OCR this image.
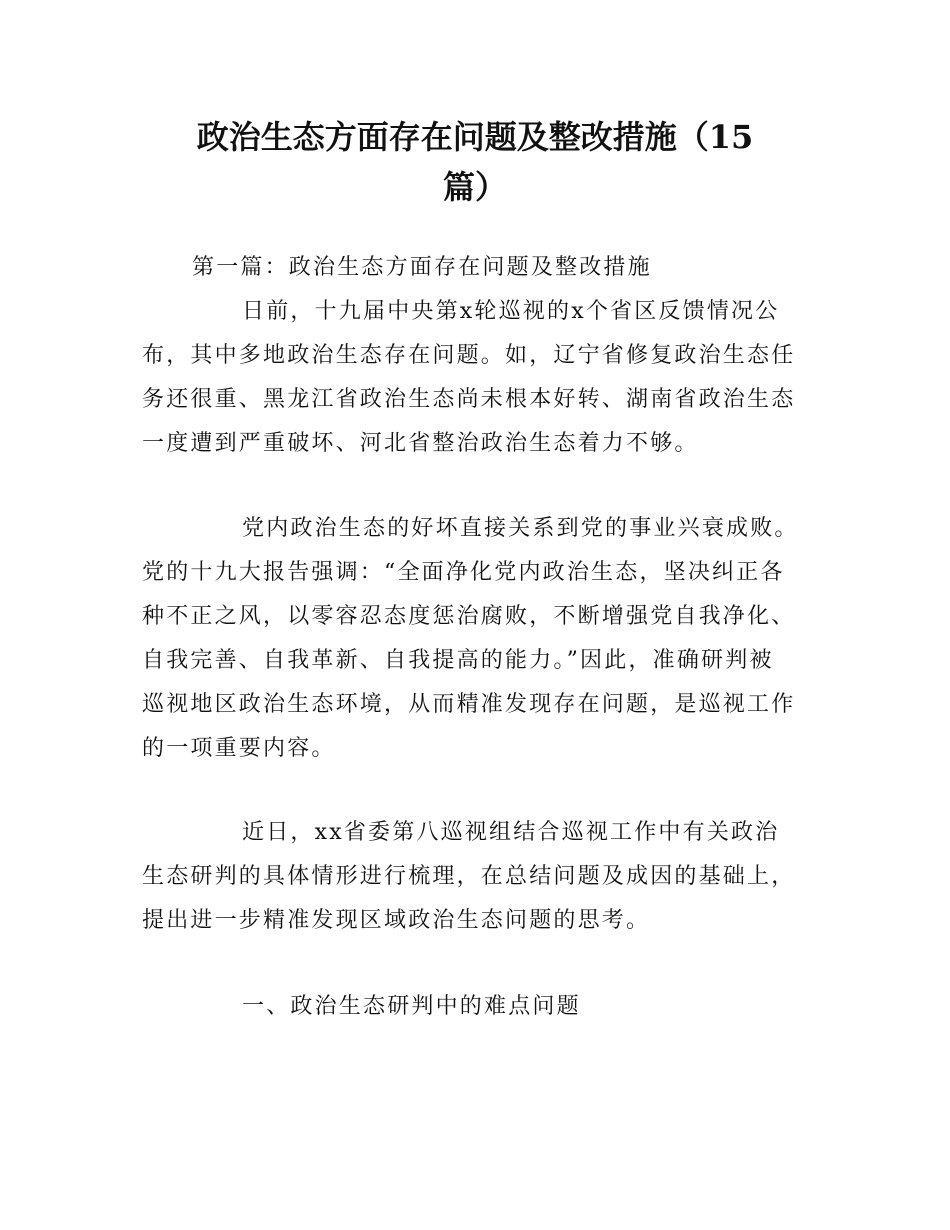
政治生态方面存在问题及整改措施（15
篇）
第一篇：政治生态方面存在问题及整改措施
日前，十九届中央第x轮巡视的x个省区反馈情况公
布，其中多地政治生态存在问题。如，辽宁省修复政治生态任
务还很重、黑龙江省政治生态尚未根本好转、湖南省政治生态
一度遭到严重破坏、河北省整治政治生态着力不够。
党内政治生态的好坏直接关系到党的事业兴衰成败。
党的十九大报告强调：“全面净化党内政治生态，坚决纠正各
种不正之风，以零容忍态度惩治腐败，不断增强党自我净化、
自我完善、自我革新、自我提高的能力。”因此，准确研判被
巡视地区政治生态环境，从而精准发现存在问题，是巡视工作
的一项重要内容。
近日，xx省委第八巡视组结合巡视工作中有关政治
生态研判的具体情形进行梳理，在总结问题及成因的基础上，
提出进一步精准发现区域政治生态问题的思考。
一、政治生态研判中的难点问题
